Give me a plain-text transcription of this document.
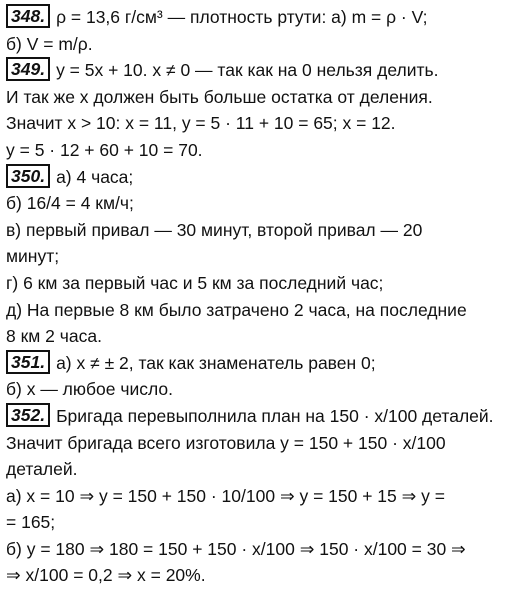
348. ρ = 13,6 г/см³ — плотность ртути: а) m = ρ · V;
б) V = m/ρ.
349. y = 5x + 10. x ≠ 0 — так как на 0 нельзя делить.
И так же x должен быть больше остатка от деления.
Значит x > 10: x = 11, y = 5 · 11 + 10 = 65; x = 12.
y = 5 · 12 + 60 + 10 = 70.
350. а) 4 часа;
б) 16/4 = 4 км/ч;
в) первый привал — 30 минут, второй привал — 20
минут;
г) 6 км за первый час и 5 км за последний час;
д) На первые 8 км было затрачено 2 часа, на последние
8 км 2 часа.
351. а) x ≠ ± 2, так как знаменатель равен 0;
б) x — любое число.
352. Бригада перевыполнила план на 150 · x/100 деталей.
Значит бригада всего изготовила y = 150 + 150 · x/100
деталей.
а) x = 10 ⇒ y = 150 + 150 · 10/100 ⇒ y = 150 + 15 ⇒ y =
= 165;
б) y = 180 ⇒ 180 = 150 + 150 · x/100 ⇒ 150 · x/100 = 30 ⇒
⇒ x/100 = 0,2 ⇒ x = 20%.
